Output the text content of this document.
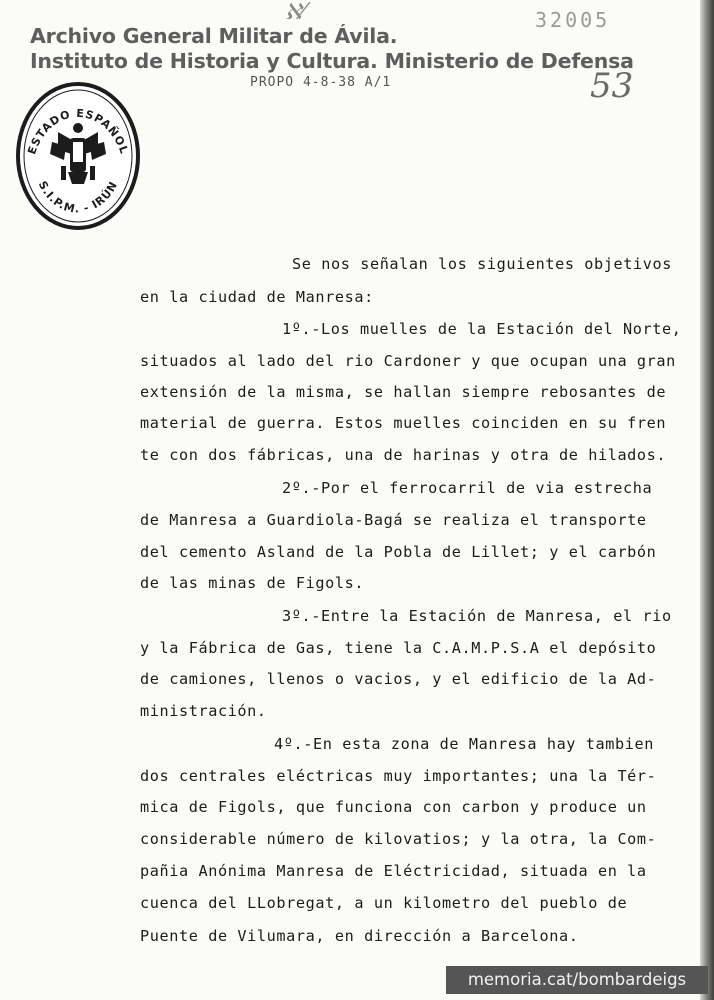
ℵ⁄	32005
PROPO 4-8-38 A/1	53
Archivo General Militar de Ávila.
Instituto de Historia y Cultura. Ministerio de Defensa
ESTADO ESPAÑOL
S.I.P.M. - IRÚN
Se nos señalan los siguientes objetivos
en la ciudad de Manresa:
1º.-Los muelles de la Estación del Norte,
situados al lado del rio Cardoner y que ocupan una gran
extensión de la misma, se hallan siempre rebosantes de
material de guerra. Estos muelles coinciden en su fren
te con dos fábricas, una de harinas y otra de hilados.
2º.-Por el ferrocarril de via estrecha
de Manresa a Guardiola-Bagá se realiza el transporte
del cemento Asland de la Pobla de Lillet; y el carbón
de las minas de Figols.
3º.-Entre la Estación de Manresa, el rio
y la Fábrica de Gas, tiene la C.A.M.P.S.A el depósito
de camiones, llenos o vacios, y el edificio de la Ad-
ministración.
4º.-En esta zona de Manresa hay tambien
dos centrales eléctricas muy importantes; una la Tér-
mica de Figols, que funciona con carbon y produce un
considerable número de kilovatios; y la otra, la Com-
pañia Anónima Manresa de Eléctricidad, situada en la
cuenca del LLobregat, a un kilometro del pueblo de
Puente de Vilumara, en dirección a Barcelona.
memoria.cat/bombardeigs
